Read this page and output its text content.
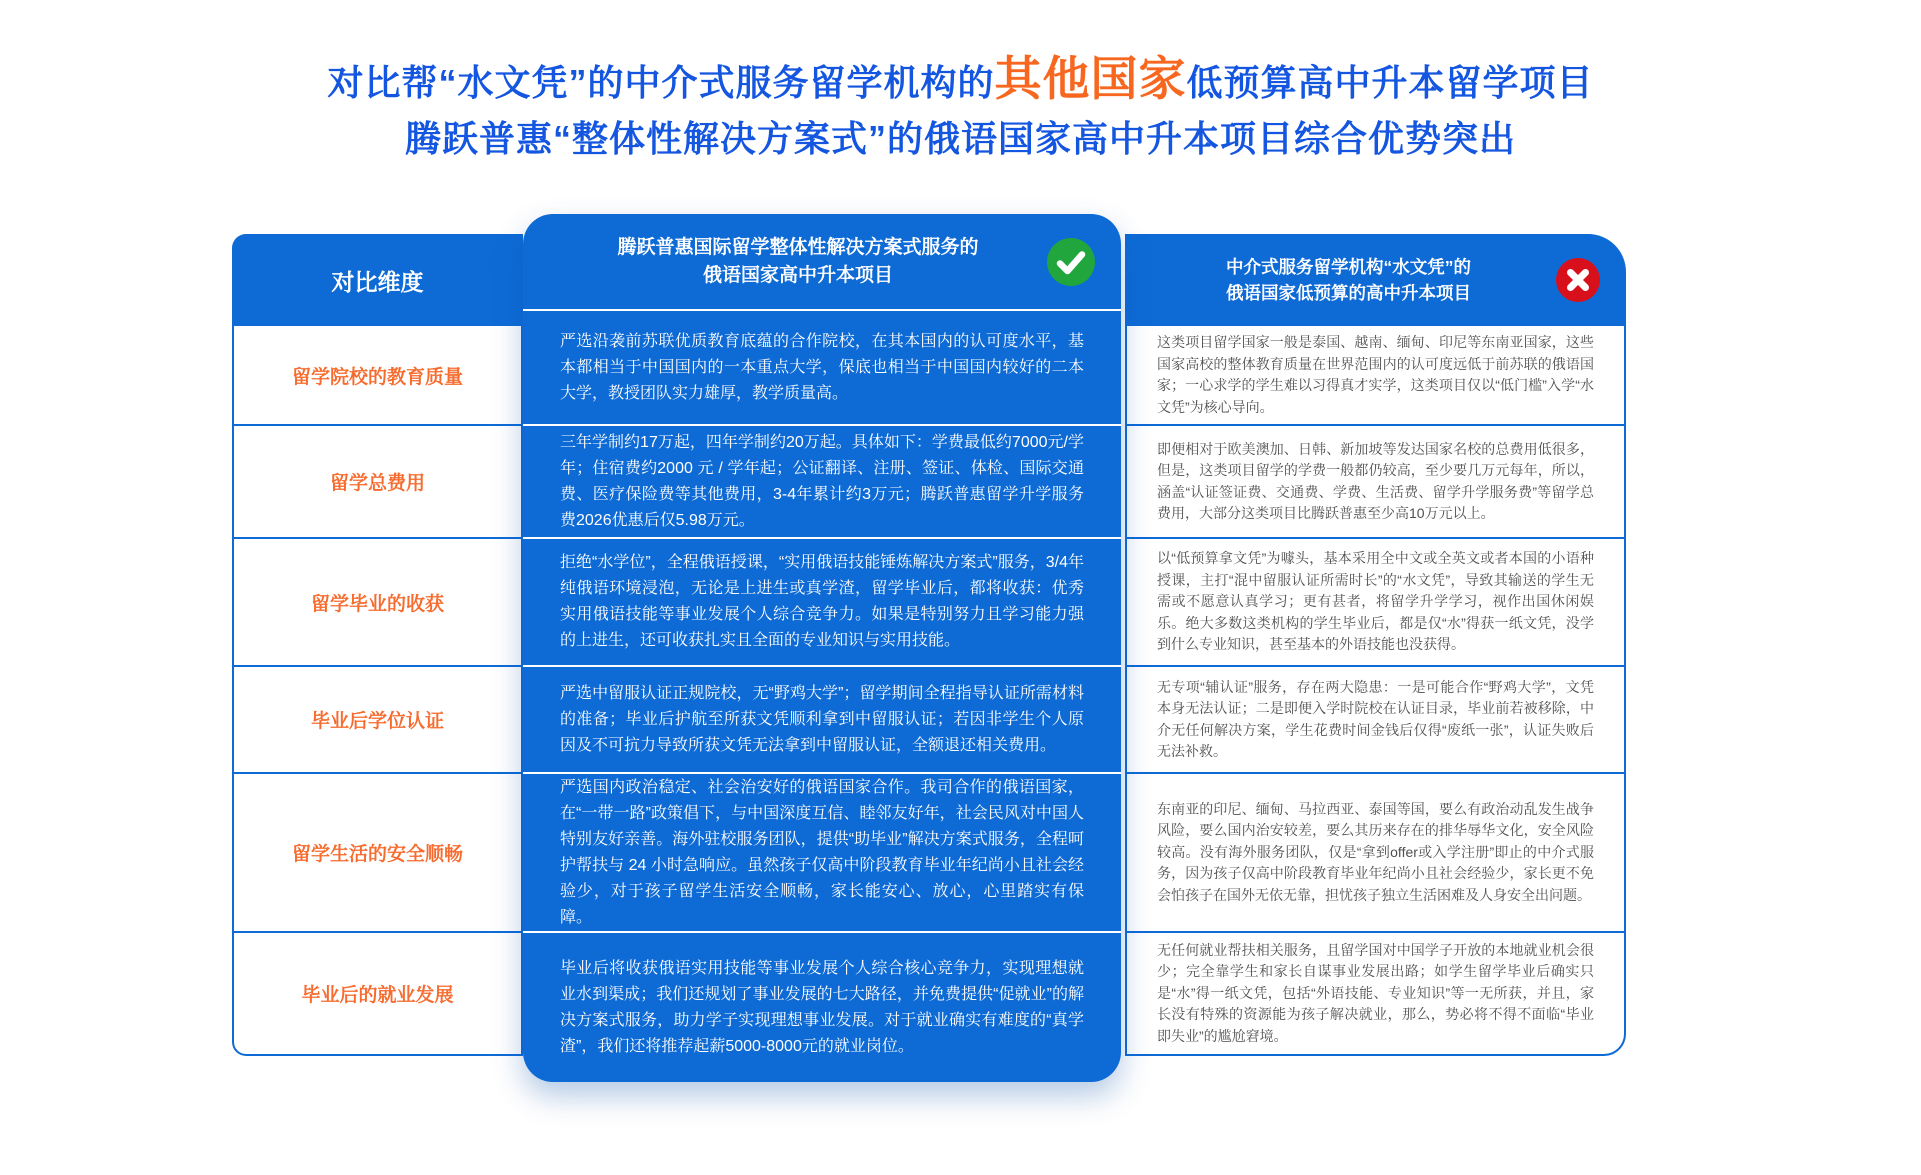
对比帮“水文凭”的中介式服务留学机构的其他国家低预算高中升本留学项目
腾跃普惠“整体性解决方案式”的俄语国家高中升本项目综合优势突出
对比维度
留学院校的教育质量
留学总费用
留学毕业的收获
毕业后学位认证
留学生活的安全顺畅
毕业后的就业发展
腾跃普惠国际留学整体性解决方案式服务的
俄语国家高中升本项目

严选沿袭前苏联优质教育底蕴的合作院校，在其本国内的认可度水平，基本都相当于中国国内的一本重点大学，保底也相当于中国国内较好的二本大学，教授团队实力雄厚，教学质量高。

三年学制约17万起，四年学制约20万起。具体如下：学费最低约7000元/学年；住宿费约2000 元 / 学年起；公证翻译、注册、签证、体检、国际交通费、医疗保险费等其他费用，3-4年累计约3万元；腾跃普惠留学升学服务费2026优惠后仅5.98万元。

拒绝“水学位”，全程俄语授课，“实用俄语技能锤炼解决方案式”服务，3/4年纯俄语环境浸泡，无论是上进生或真学渣，留学毕业后，都将收获：优秀实用俄语技能等事业发展个人综合竞争力。如果是特别努力且学习能力强的上进生，还可收获扎实且全面的专业知识与实用技能。

严选中留服认证正规院校，无“野鸡大学”；留学期间全程指导认证所需材料的准备；毕业后护航至所获文凭顺利拿到中留服认证；若因非学生个人原因及不可抗力导致所获文凭无法拿到中留服认证，全额退还相关费用。

严选国内政治稳定、社会治安好的俄语国家合作。我司合作的俄语国家，在“一带一路”政策倡下，与中国深度互信、睦邻友好年，社会民风对中国人特别友好亲善。海外驻校服务团队，提供“助毕业”解决方案式服务，全程呵护帮扶与 24 小时急响应。虽然孩子仅高中阶段教育毕业年纪尚小且社会经验少，对于孩子留学生活安全顺畅，家长能安心、放心，心里踏实有保障。

毕业后将收获俄语实用技能等事业发展个人综合核心竞争力，实现理想就业水到渠成；我们还规划了事业发展的七大路径，并免费提供“促就业”的解决方案式服务，助力学子实现理想事业发展。对于就业确实有难度的“真学渣”，我们还将推荐起薪5000-8000元的就业岗位。

中介式服务留学机构“水文凭”的
俄语国家低预算的高中升本项目

这类项目留学国家一般是泰国、越南、缅甸、印尼等东南亚国家，这些国家高校的整体教育质量在世界范围内的认可度远低于前苏联的俄语国家；一心求学的学生难以习得真才实学，这类项目仅以“低门槛”入学“水文凭”为核心导向。

即便相对于欧美澳加、日韩、新加坡等发达国家名校的总费用低很多，但是，这类项目留学的学费一般都仍较高，至少要几万元每年，所以，涵盖“认证签证费、交通费、学费、生活费、留学升学服务费”等留学总费用，大部分这类项目比腾跃普惠至少高10万元以上。

以“低预算拿文凭”为噱头，基本采用全中文或全英文或者本国的小语种授课，主打“混中留服认证所需时长”的“水文凭”，导致其输送的学生无需或不愿意认真学习；更有甚者，将留学升学学习，视作出国休闲娱乐。绝大多数这类机构的学生毕业后，都是仅“水”得获一纸文凭，没学到什么专业知识，甚至基本的外语技能也没获得。

无专项“辅认证”服务，存在两大隐患：一是可能合作“野鸡大学”，文凭本身无法认证；二是即便入学时院校在认证目录，毕业前若被移除，中介无任何解决方案，学生花费时间金钱后仅得“废纸一张”，认证失败后无法补救。

东南亚的印尼、缅甸、马拉西亚、泰国等国，要么有政治动乱发生战争风险，要么国内治安较差，要么其历来存在的排华辱华文化，安全风险较高。没有海外服务团队，仅是“拿到offer或入学注册”即止的中介式服务，因为孩子仅高中阶段教育毕业年纪尚小且社会经验少，家长更不免会怕孩子在国外无依无靠，担忧孩子独立生活困难及人身安全出问题。

无任何就业帮扶相关服务，且留学国对中国学子开放的本地就业机会很少；完全靠学生和家长自谋事业发展出路；如学生留学毕业后确实只是“水”得一纸文凭，包括“外语技能、专业知识”等一无所获，并且，家长没有特殊的资源能为孩子解决就业，那么，势必将不得不面临“毕业即失业”的尴尬窘境。
